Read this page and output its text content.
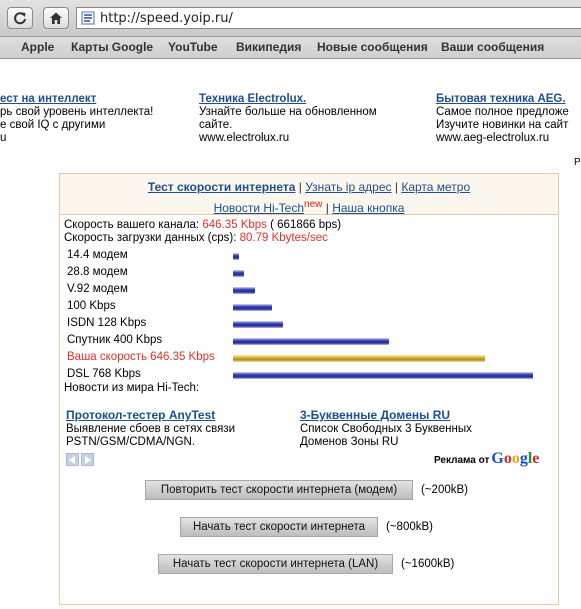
http://speed.yoip.ru/
Apple Карты Google YouTube Википедия Новые сообщения Ваши сообщения
ест на интеллект
рь свой уровень интеллекта!
е свой IQ с другими
u
Техника Electrolux.
Узнайте больше на обновленном
сайте.
www.electrolux.ru
Бытовая техника AEG.
Самое полное предложе
Изучите новинки на сайт
www.aeg-electrolux.ru
Р
Тест скорости интернета | Узнать ip адрес | Карта метро
Новости Hi-Tech$^{new}$ | Наша кнопка
Скорость вашего канала: 646.35 Kbps ( 661866 bps)
Скорость загрузки данных (cps): 80.79 Kbytes/sec
14.4 модем
28.8 модем
V.92 модем
100 Kbps
ISDN 128 Kbps
Спутник 400 Kbps
Ваша скорость 646.35 Kbps
DSL 768 Kbps
Новости из мира Hi-Tech:
Протокол-тестер AnyTest
Выявление сбоев в сетях связи
PSTN/GSM/CDMA/NGN.
3-Буквенные Домены RU
Список Свободных 3 Буквенных
Доменов Зоны RU
Реклама от Google
Повторить тест скорости интернета (модем)	(~200kB)
Начать тест скорости интернета	(~800kB)
Начать тест скорости интернета (LAN)	(~1600kB)
